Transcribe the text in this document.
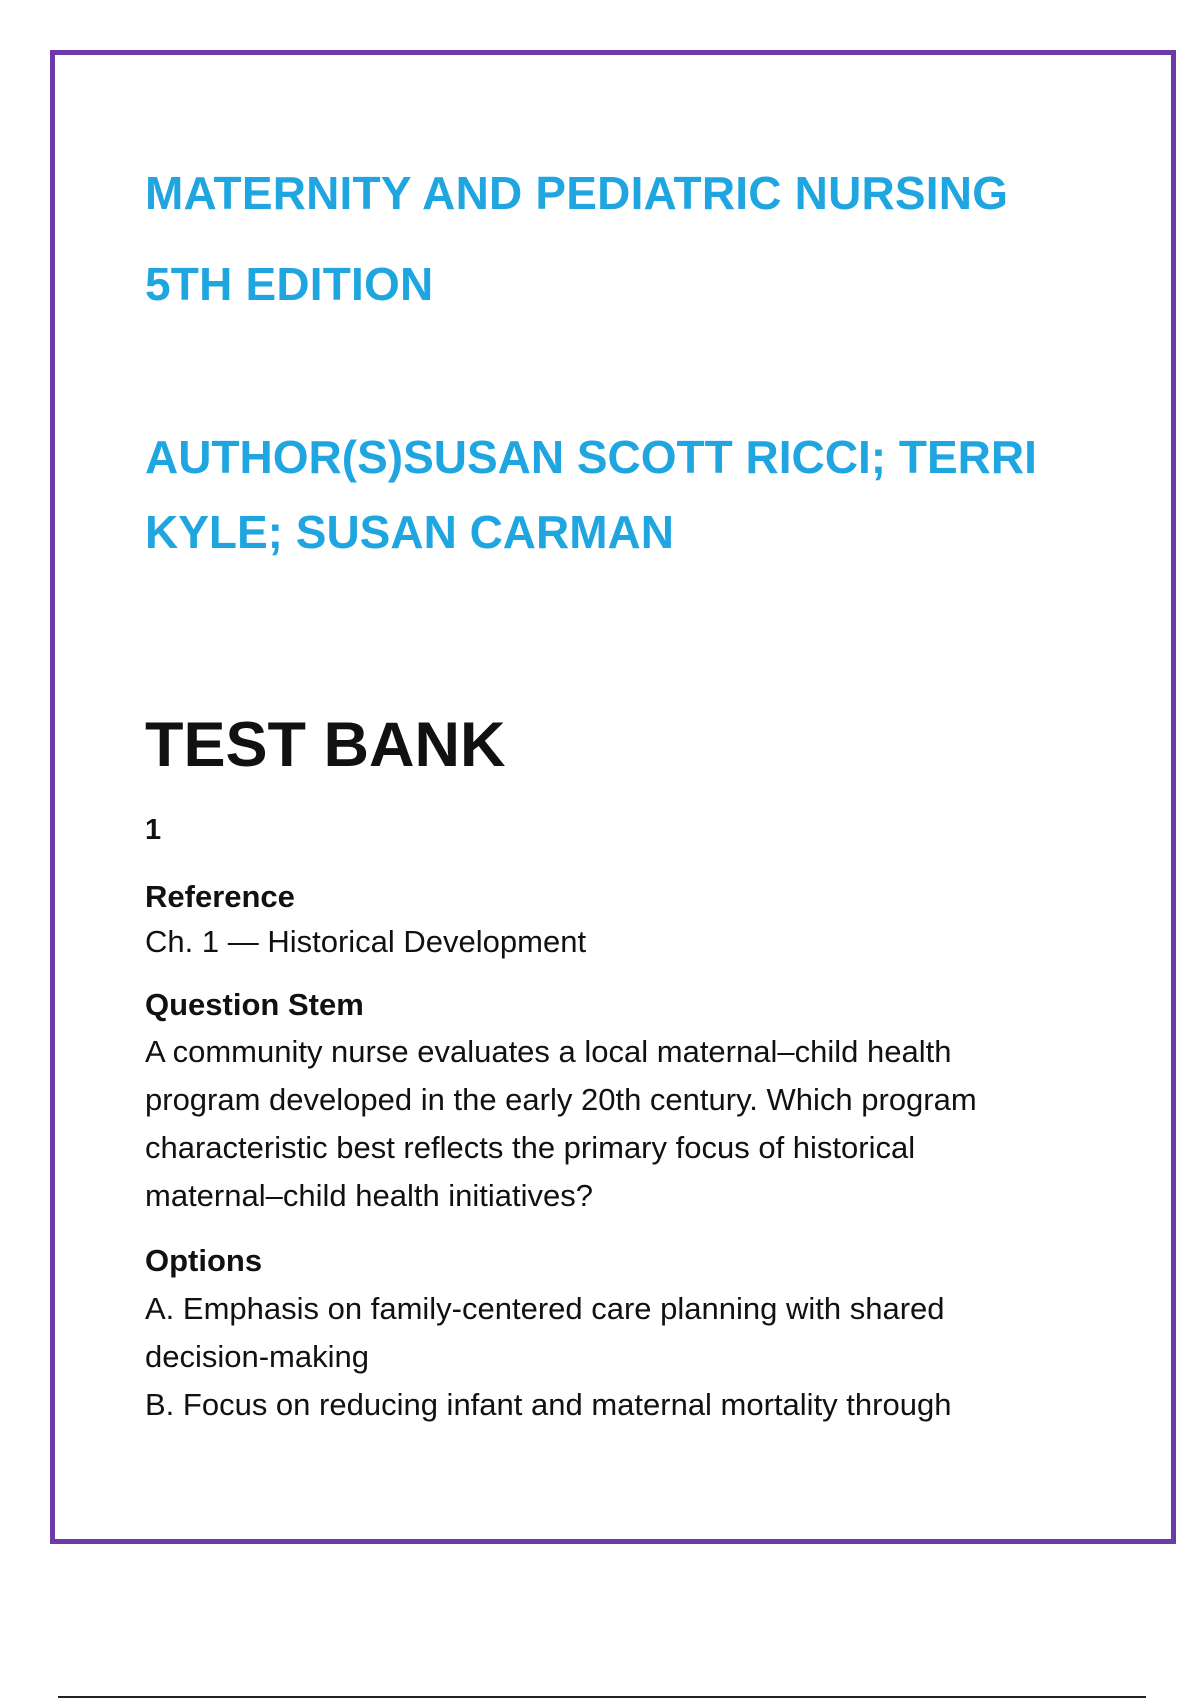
MATERNITY AND PEDIATRIC NURSING
5TH EDITION
AUTHOR(S)SUSAN SCOTT RICCI; TERRI
KYLE; SUSAN CARMAN
TEST BANK
1
Reference
Ch. 1 — Historical Development
Question Stem
A community nurse evaluates a local maternal–child health
program developed in the early 20th century. Which program
characteristic best reflects the primary focus of historical
maternal–child health initiatives?
Options
A. Emphasis on family-centered care planning with shared
decision-making
B. Focus on reducing infant and maternal mortality through
